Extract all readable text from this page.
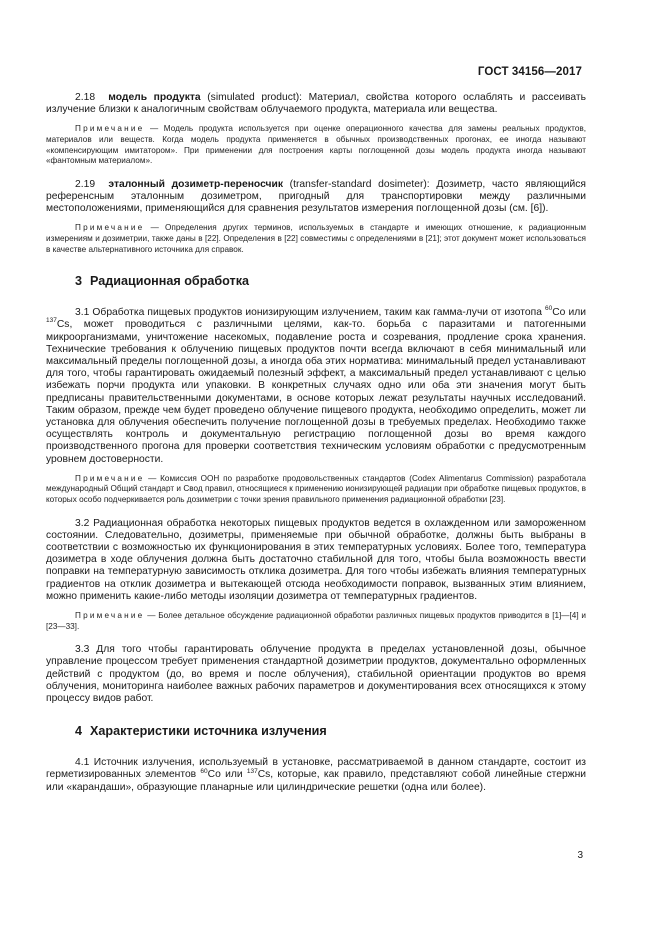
ГОСТ 34156—2017

2.18 модель продукта (simulated product): Материал, свойства которого ослаблять и рассеивать излучение близки к аналогичным свойствам облучаемого продукта, материала или вещества.

Примечание — Модель продукта используется при оценке операционного качества для замены реальных продуктов, материалов или веществ. Когда модель продукта применяется в обычных производственных прогонах, ее иногда называют «компенсирующим имитатором». При применении для построения карты поглощенной дозы модель продукта иногда называют «фантомным материалом».

2.19 эталонный дозиметр-переносчик (transfer-standard dosimeter): Дозиметр, часто являющийся референсным эталонным дозиметром, пригодный для транспортировки между различными местоположениями, применяющийся для сравнения результатов измерения поглощенной дозы (см. [6]).

Примечание — Определения других терминов, используемых в стандарте и имеющих отношение, к радиационным измерениям и дозиметрии, также даны в [22]. Определения в [22] совместимы с определениями в [21]; этот документ может использоваться в качестве альтернативного источника для справок.

3 Радиационная обработка

3.1 Обработка пищевых продуктов ионизирующим излучением, таким как гамма-лучи от изотопа $^{60}$Co или $^{137}$Cs, может проводиться с различными целями, как-то. борьба с паразитами и патогенными микроорганизмами, уничтожение насекомых, подавление роста и созревания, продление срока хранения. Технические требования к облучению пищевых продуктов почти всегда включают в себя минимальный или максимальный пределы поглощенной дозы, а иногда оба этих норматива: минимальный предел устанавливают для того, чтобы гарантировать ожидаемый полезный эффект, а максимальный предел устанавливают с целью избежать порчи продукта или упаковки. В конкретных случаях одно или оба эти значения могут быть предписаны правительственными документами, в основе которых лежат результаты научных исследований. Таким образом, прежде чем будет проведено облучение пищевого продукта, необходимо определить, может ли установка для облучения обеспечить получение поглощенной дозы в требуемых пределах. Необходимо также осуществлять контроль и документальную регистрацию поглощенной дозы во время каждого производственного прогона для проверки соответствия техническим условиям обработки с предусмотренным уровнем достоверности.

Примечание — Комиссия ООН по разработке продовольственных стандартов (Codex Alimentarus Commission) разработала международный Общий стандарт и Свод правил, относящиеся к применению ионизирующей радиации при обработке пищевых продуктов, в которых особо подчеркивается роль дозиметрии с точки зрения правильного применения радиационной обработки [23].

3.2 Радиационная обработка некоторых пищевых продуктов ведется в охлажденном или замороженном состоянии. Следовательно, дозиметры, применяемые при обычной обработке, должны быть выбраны в соответствии с возможностью их функционирования в этих температурных условиях. Более того, температура дозиметра в ходе облучения должна быть достаточно стабильной для того, чтобы была возможность ввести поправки на температурную зависимость отклика дозиметра. Для того чтобы избежать влияния температурных градиентов на отклик дозиметра и вытекающей отсюда необходимости поправок, вызванных этим влиянием, можно применить какие-либо методы изоляции дозиметра от температурных градиентов.

Примечание — Более детальное обсуждение радиационной обработки различных пищевых продуктов приводится в [1]—[4] и [23—33].

3.3 Для того чтобы гарантировать облучение продукта в пределах установленной дозы, обычное управление процессом требует применения стандартной дозиметрии продуктов, документально оформленных действий с продуктом (до, во время и после облучения), стабильной ориентации продуктов во время облучения, мониторинга наиболее важных рабочих параметров и документирования всех относящихся к этому процессу видов работ.

4 Характеристики источника излучения

4.1 Источник излучения, используемый в установке, рассматриваемой в данном стандарте, состоит из герметизированных элементов $^{60}$Co или $^{137}$Cs, которые, как правило, представляют собой линейные стержни или «карандаши», образующие планарные или цилиндрические решетки (одна или более).

3
